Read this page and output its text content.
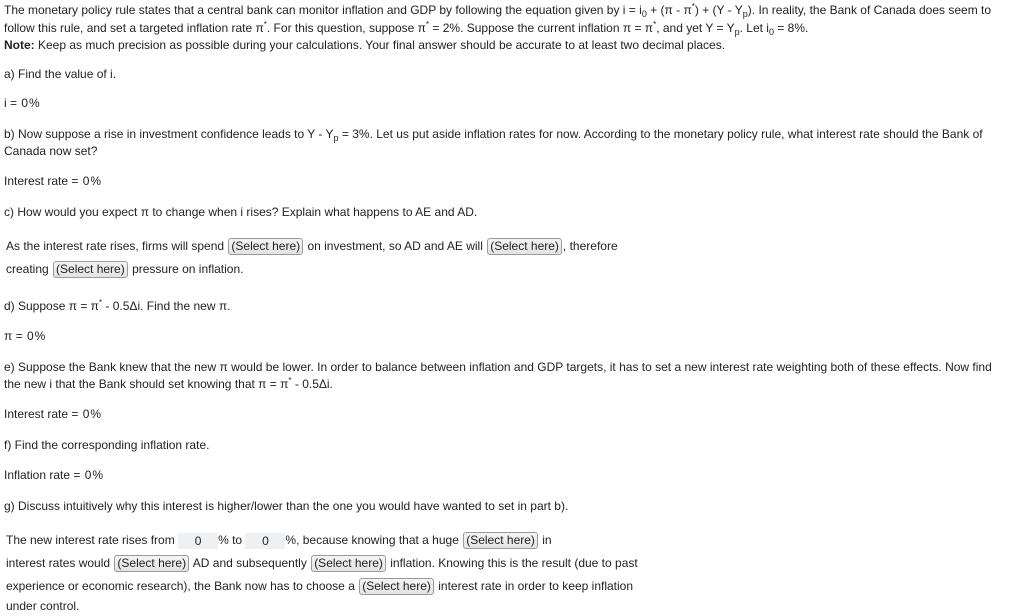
The monetary policy rule states that a central bank can monitor inflation and GDP by following the equation given by $i = i_0 + (\pi - \pi^*) + (Y - Y_p)$. In reality, the Bank of Canada does seem to
follow this rule, and set a targeted inflation rate π*. For this question, suppose π* = 2%. Suppose the current inflation π = π*, and yet $Y = Y_p$. Let $i_0 = 8\%$.
Note: Keep as much precision as possible during your calculations. Your final answer should be accurate to at least two decimal places.
a) Find the value of i.
i = 0%
b) Now suppose a rise in investment confidence leads to $Y - Y_p = 3\%$. Let us put aside inflation rates for now. According to the monetary policy rule, what interest rate should the Bank of
Canada now set?
Interest rate = 0%
c) How would you expect π to change when i rises? Explain what happens to AE and AD.
As the interest rate rises, firms will spend (Select here) on investment, so AD and AE will (Select here) , therefore
creating (Select here) pressure on inflation.
d) Suppose π = π* - 0.5Δi. Find the new π.
π = 0%
e) Suppose the Bank knew that the new π would be lower. In order to balance between inflation and GDP targets, it has to set a new interest rate weighting both of these effects. Now find
the new i that the Bank should set knowing that π = π* - 0.5Δi.
Interest rate = 0%
f) Find the corresponding inflation rate.
Inflation rate = 0%
g) Discuss intuitively why this interest is higher/lower than the one you would have wanted to set in part b).
The new interest rate rises from 0 % to 0 %, because knowing that a huge (Select here) in
interest rates would (Select here) AD and subsequently (Select here) inflation. Knowing this is the result (due to past
experience or economic research), the Bank now has to choose a (Select here) interest rate in order to keep inflation
under control.
